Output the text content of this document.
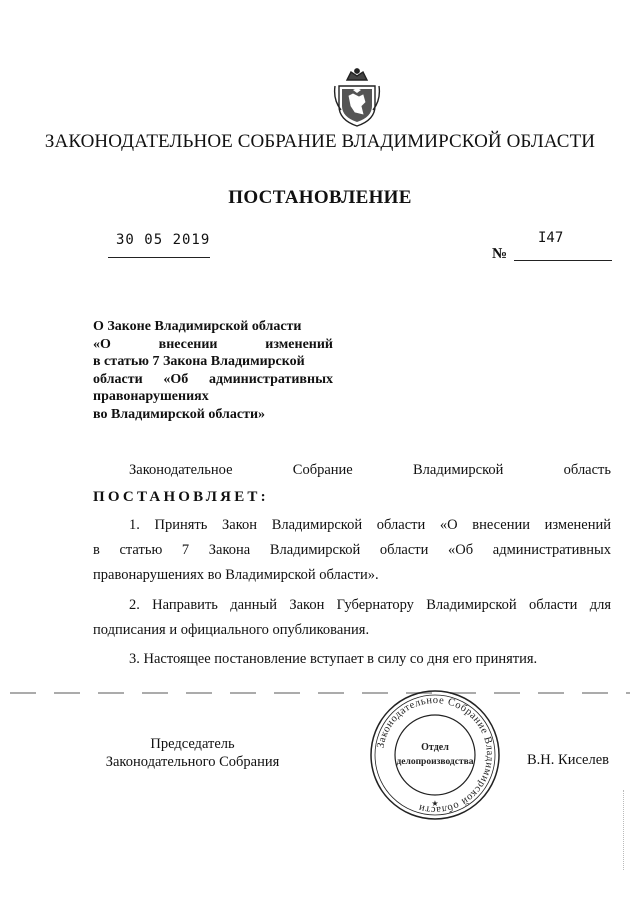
ЗАКОНОДАТЕЛЬНОЕ СОБРАНИЕ ВЛАДИМИРСКОЙ ОБЛАСТИ
ПОСТАНОВЛЕНИЕ
30 05 2019	I47
№
О Законе Владимирской области
«О внесении изменений
в статью 7 Закона Владимирской
области «Об административных
правонарушениях
во Владимирской области»
Законодательное Собрание Владимирской область
ПОСТАНОВЛЯЕТ:
1. Принять Закон Владимирской области «О внесении изменений
в статью 7 Закона Владимирской области «Об административных
правонарушениях во Владимирской области».
2. Направить данный Закон Губернатору Владимирской области для подписания и официального опубликования.
3. Настоящее постановление вступает в силу со дня его принятия.
Председатель
Законодательного Собрания
Законодательное Собрание Владимирской области
Отдел
делопроизводства
★
В.Н. Киселев
